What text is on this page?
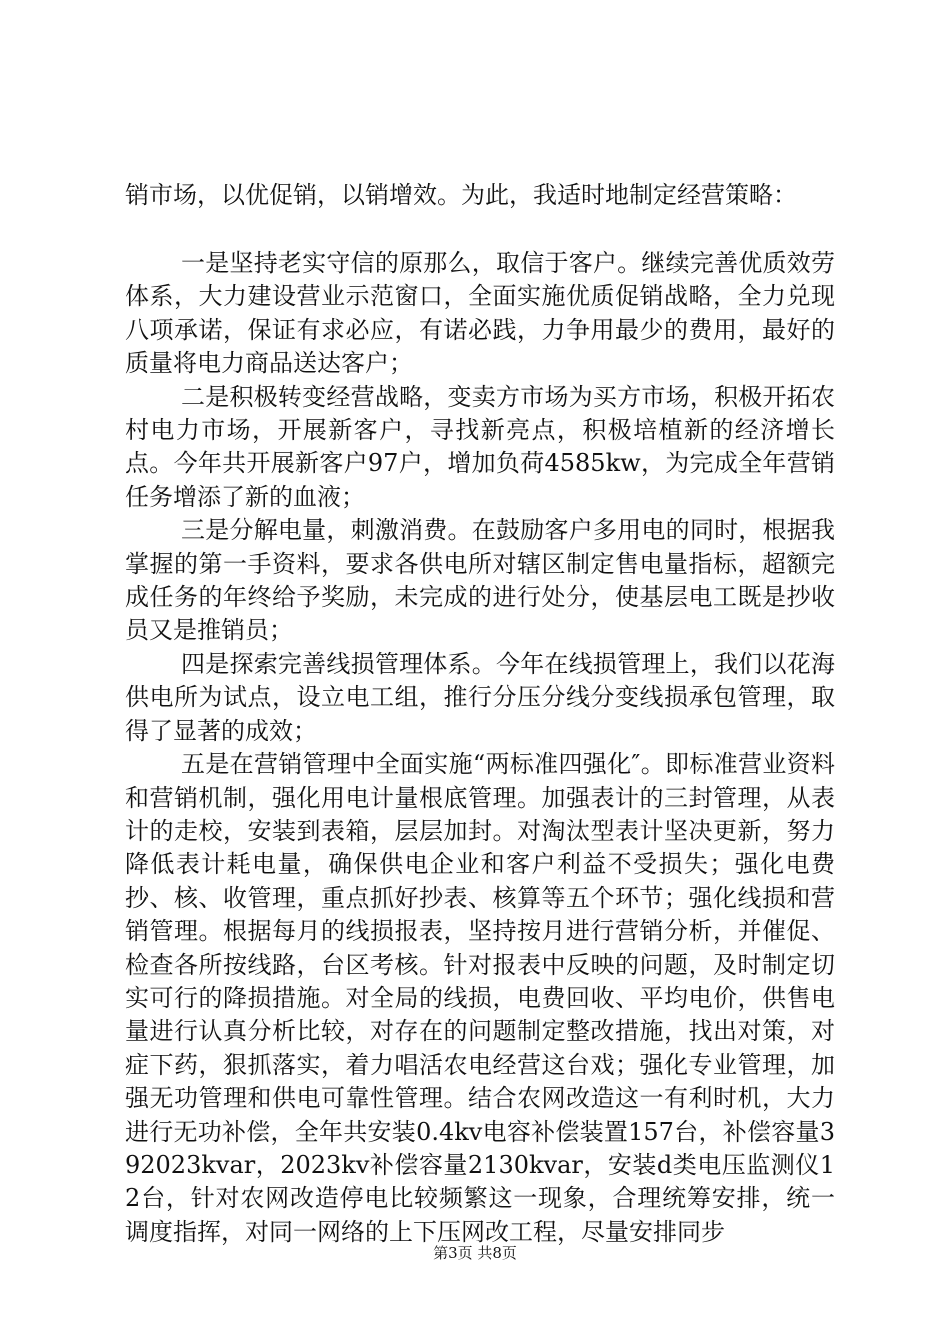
销市场，以优促销，以销增效。为此，我适时地制定经营策略：

一是坚持老实守信的原那么，取信于客户。继续完善优质效劳体系，大力建设营业示范窗口，全面实施优质促销战略，全力兑现八项承诺，保证有求必应，有诺必践，力争用最少的费用，最好的质量将电力商品送达客户；

二是积极转变经营战略，变卖方市场为买方市场，积极开拓农村电力市场，开展新客户，寻找新亮点，积极培植新的经济增长点。今年共开展新客户97户，增加负荷4585kw，为完成全年营销任务增添了新的血液；

三是分解电量，刺激消费。在鼓励客户多用电的同时，根据我掌握的第一手资料，要求各供电所对辖区制定售电量指标，超额完成任务的年终给予奖励，未完成的进行处分，使基层电工既是抄收员又是推销员；

四是探索完善线损管理体系。今年在线损管理上，我们以花海供电所为试点，设立电工组，推行分压分线分变线损承包管理，取得了显著的成效；

五是在营销管理中全面实施“两标准四强化″。即标准营业资料和营销机制，强化用电计量根底管理。加强表计的三封管理，从表计的走校，安装到表箱，层层加封。对淘汰型表计坚决更新，努力降低表计耗电量，确保供电企业和客户利益不受损失；强化电费抄、核、收管理，重点抓好抄表、核算等五个环节；强化线损和营销管理。根据每月的线损报表，坚持按月进行营销分析，并催促、检查各所按线路，台区考核。针对报表中反映的问题，及时制定切实可行的降损措施。对全局的线损，电费回收、平均电价，供售电量进行认真分析比较，对存在的问题制定整改措施，找出对策，对症下药，狠抓落实，着力唱活农电经营这台戏；强化专业管理，加强无功管理和供电可靠性管理。结合农网改造这一有利时机，大力进行无功补偿，全年共安装0.4kv电容补偿装置157台，补偿容量392023kvar，2023kv补偿容量2130kvar，安装d类电压监测仪12台，针对农网改造停电比较频繁这一现象，合理统筹安排，统一调度指挥，对同一网络的上下压网改工程，尽量安排同步

第3页 共8页
